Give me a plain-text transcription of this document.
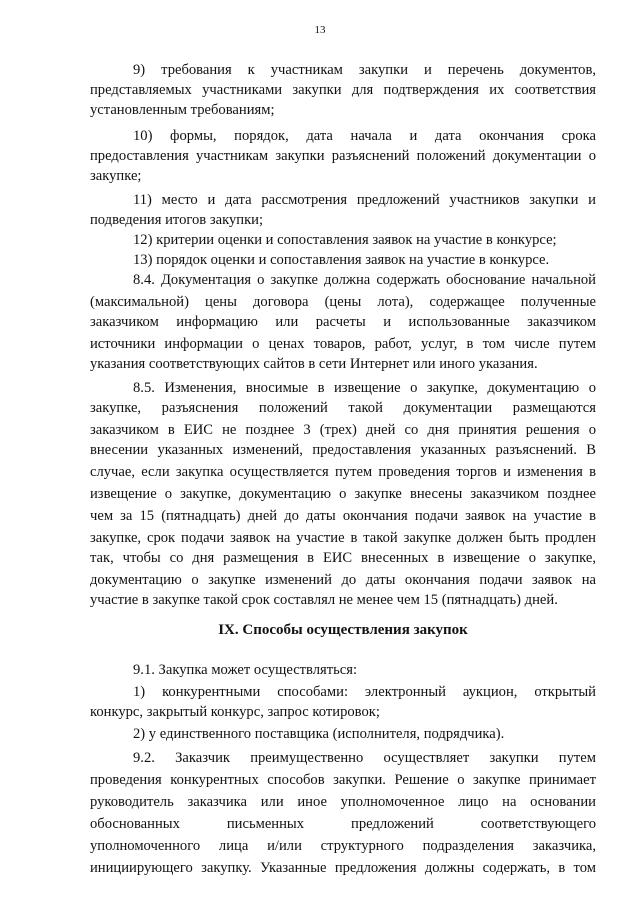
13
9) требования к участникам закупки и перечень документов,
представляемых участниками закупки для подтверждения их соответствия
установленным требованиям;
10) формы, порядок, дата начала и дата окончания срока
предоставления участникам закупки разъяснений положений документации о
закупке;
11) место и дата рассмотрения предложений участников закупки и
подведения итогов закупки;
12) критерии оценки и сопоставления заявок на участие в конкурсе;
13) порядок оценки и сопоставления заявок на участие в конкурсе.
8.4. Документация о закупке должна содержать обоснование начальной
(максимальной) цены договора (цены лота), содержащее полученные
заказчиком информацию или расчеты и использованные заказчиком
источники информации о ценах товаров, работ, услуг, в том числе путем
указания соответствующих сайтов в сети Интернет или иного указания.
8.5. Изменения, вносимые в извещение о закупке, документацию о
закупке, разъяснения положений такой документации размещаются
заказчиком в ЕИС не позднее 3 (трех) дней со дня принятия решения о
внесении указанных изменений, предоставления указанных разъяснений. В
случае, если закупка осуществляется путем проведения торгов и изменения в
извещение о закупке, документацию о закупке внесены заказчиком позднее
чем за 15 (пятнадцать) дней до даты окончания подачи заявок на участие в
закупке, срок подачи заявок на участие в такой закупке должен быть продлен
так, чтобы со дня размещения в ЕИС внесенных в извещение о закупке,
документацию о закупке изменений до даты окончания подачи заявок на
участие в закупке такой срок составлял не менее чем 15 (пятнадцать) дней.
IX. Способы осуществления закупок
9.1. Закупка может осуществляться:
1) конкурентными способами: электронный аукцион, открытый
конкурс, закрытый конкурс, запрос котировок;
2) у единственного поставщика (исполнителя, подрядчика).
9.2. Заказчик преимущественно осуществляет закупки путем
проведения конкурентных способов закупки. Решение о закупке принимает
руководитель заказчика или иное уполномоченное лицо на основании
обоснованных письменных предложений соответствующего
уполномоченного лица и/или структурного подразделения заказчика,
инициирующего закупку. Указанные предложения должны содержать, в том
